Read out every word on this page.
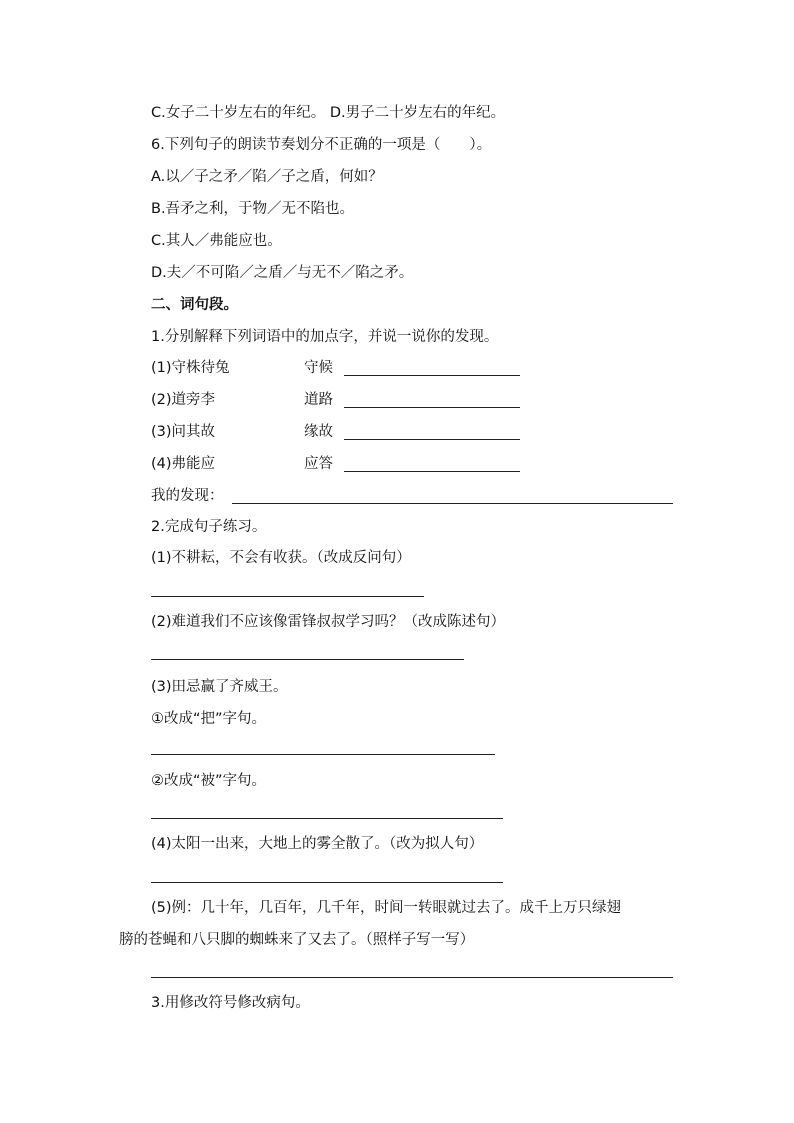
C.女子二十岁左右的年纪。 D.男子二十岁左右的年纪。
6.下列句子的朗读节奏划分不正确的一项是（　　）。
A.以／子之矛／陷／子之盾，何如？
B.吾矛之利，于物／无不陷也。
C.其人／弗能应也。
D.夫／不可陷／之盾／与无不／陷之矛。
二、词句段。
1.分别解释下列词语中的加点字，并说一说你的发现。
(1)守株待兔	守候
(2)道旁李	道路
(3)问其故	缘故
(4)弗能应	应答
我的发现：
2.完成句子练习。
(1)不耕耘，不会有收获。（改成反问句）
(2)难道我们不应该像雷锋叔叔学习吗？（改成陈述句）
(3)田忌赢了齐威王。
①改成“把”字句。
②改成“被”字句。
(4)太阳一出来，大地上的雾全散了。（改为拟人句）
(5)例：几十年，几百年，几千年，时间一转眼就过去了。成千上万只绿翅
膀的苍蝇和八只脚的蜘蛛来了又去了。（照样子写一写）
3.用修改符号修改病句。
